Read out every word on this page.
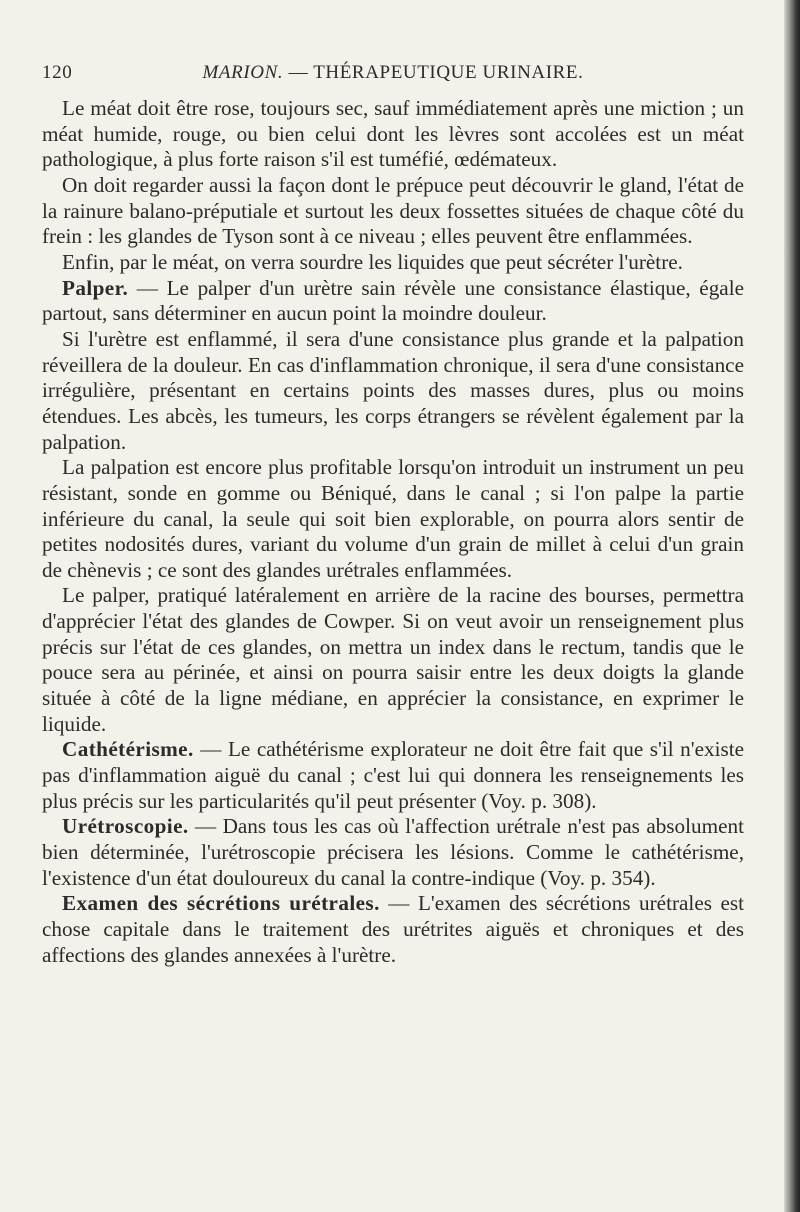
120	MARION. — THÉRAPEUTIQUE URINAIRE.

Le méat doit être rose, toujours sec, sauf immédiatement après une miction ; un méat humide, rouge, ou bien celui dont les lèvres sont accolées est un méat pathologique, à plus forte raison s'il est tuméfié, œdémateux.

On doit regarder aussi la façon dont le prépuce peut découvrir le gland, l'état de la rainure balano-préputiale et surtout les deux fossettes situées de chaque côté du frein : les glandes de Tyson sont à ce niveau ; elles peuvent être enflammées.

Enfin, par le méat, on verra sourdre les liquides que peut sécréter l'urètre.

Palper. — Le palper d'un urètre sain révèle une consistance élastique, égale partout, sans déterminer en aucun point la moindre douleur.

Si l'urètre est enflammé, il sera d'une consistance plus grande et la palpation réveillera de la douleur. En cas d'inflammation chronique, il sera d'une consistance irrégulière, présentant en certains points des masses dures, plus ou moins étendues. Les abcès, les tumeurs, les corps étrangers se révèlent également par la palpation.

La palpation est encore plus profitable lorsqu'on introduit un instrument un peu résistant, sonde en gomme ou Béniqué, dans le canal ; si l'on palpe la partie inférieure du canal, la seule qui soit bien explorable, on pourra alors sentir de petites nodosités dures, variant du volume d'un grain de millet à celui d'un grain de chènevis ; ce sont des glandes urétrales enflammées.

Le palper, pratiqué latéralement en arrière de la racine des bourses, permettra d'apprécier l'état des glandes de Cowper. Si on veut avoir un renseignement plus précis sur l'état de ces glandes, on mettra un index dans le rectum, tandis que le pouce sera au périnée, et ainsi on pourra saisir entre les deux doigts la glande située à côté de la ligne médiane, en apprécier la consistance, en exprimer le liquide.

Cathétérisme. — Le cathétérisme explorateur ne doit être fait que s'il n'existe pas d'inflammation aiguë du canal ; c'est lui qui donnera les renseignements les plus précis sur les particularités qu'il peut présenter (Voy. p. 308).

Urétroscopie. — Dans tous les cas où l'affection urétrale n'est pas absolument bien déterminée, l'urétroscopie précisera les lésions. Comme le cathétérisme, l'existence d'un état douloureux du canal la contre-indique (Voy. p. 354).

Examen des sécrétions urétrales. — L'examen des sécrétions urétrales est chose capitale dans le traitement des urétrites aiguës et chroniques et des affections des glandes annexées à l'urètre.
